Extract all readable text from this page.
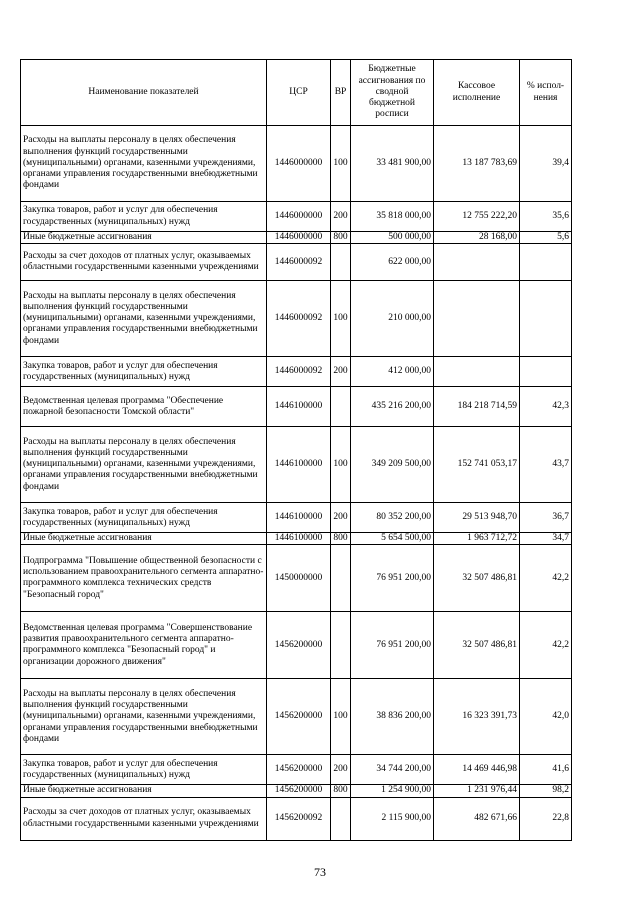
Наименование показателей	ЦСР	ВР	Бюджетные ассигнования по сводной бюджетной росписи	Кассовое исполнение	% испол-нения
Расходы на выплаты персоналу в целях обеспечения выполнения функций государственными (муниципальными) органами, казенными учреждениями, органами управления государственными внебюджетными фондами	1446000000	100	33 481 900,00	13 187 783,69	39,4
Закупка товаров, работ и услуг для обеспечения государственных (муниципальных) нужд	1446000000	200	35 818 000,00	12 755 222,20	35,6
Иные бюджетные ассигнования	1446000000	800	500 000,00	28 168,00	5,6
Расходы за счет доходов от платных услуг, оказываемых областными государственными казенными учреждениями	1446000092		622 000,00		
Расходы на выплаты персоналу в целях обеспечения выполнения функций государственными (муниципальными) органами, казенными учреждениями, органами управления государственными внебюджетными фондами	1446000092	100	210 000,00		
Закупка товаров, работ и услуг для обеспечения государственных (муниципальных) нужд	1446000092	200	412 000,00		
Ведомственная целевая программа "Обеспечение пожарной безопасности Томской области"	1446100000		435 216 200,00	184 218 714,59	42,3
Расходы на выплаты персоналу в целях обеспечения выполнения функций государственными (муниципальными) органами, казенными учреждениями, органами управления государственными внебюджетными фондами	1446100000	100	349 209 500,00	152 741 053,17	43,7
Закупка товаров, работ и услуг для обеспечения государственных (муниципальных) нужд	1446100000	200	80 352 200,00	29 513 948,70	36,7
Иные бюджетные ассигнования	1446100000	800	5 654 500,00	1 963 712,72	34,7
Подпрограмма "Повышение общественной безопасности с использованием правоохранительного сегмента аппаратно-программного комплекса технических средств "Безопасный город"	1450000000		76 951 200,00	32 507 486,81	42,2
Ведомственная целевая программа "Совершенствование развития правоохранительного сегмента аппаратно-программного комплекса "Безопасный город" и организации дорожного движения"	1456200000		76 951 200,00	32 507 486,81	42,2
Расходы на выплаты персоналу в целях обеспечения выполнения функций государственными (муниципальными) органами, казенными учреждениями, органами управления государственными внебюджетными фондами	1456200000	100	38 836 200,00	16 323 391,73	42,0
Закупка товаров, работ и услуг для обеспечения государственных (муниципальных) нужд	1456200000	200	34 744 200,00	14 469 446,98	41,6
Иные бюджетные ассигнования	1456200000	800	1 254 900,00	1 231 976,44	98,2
Расходы за счет доходов от платных услуг, оказываемых областными государственными казенными учреждениями	1456200092		2 115 900,00	482 671,66	22,8
73
